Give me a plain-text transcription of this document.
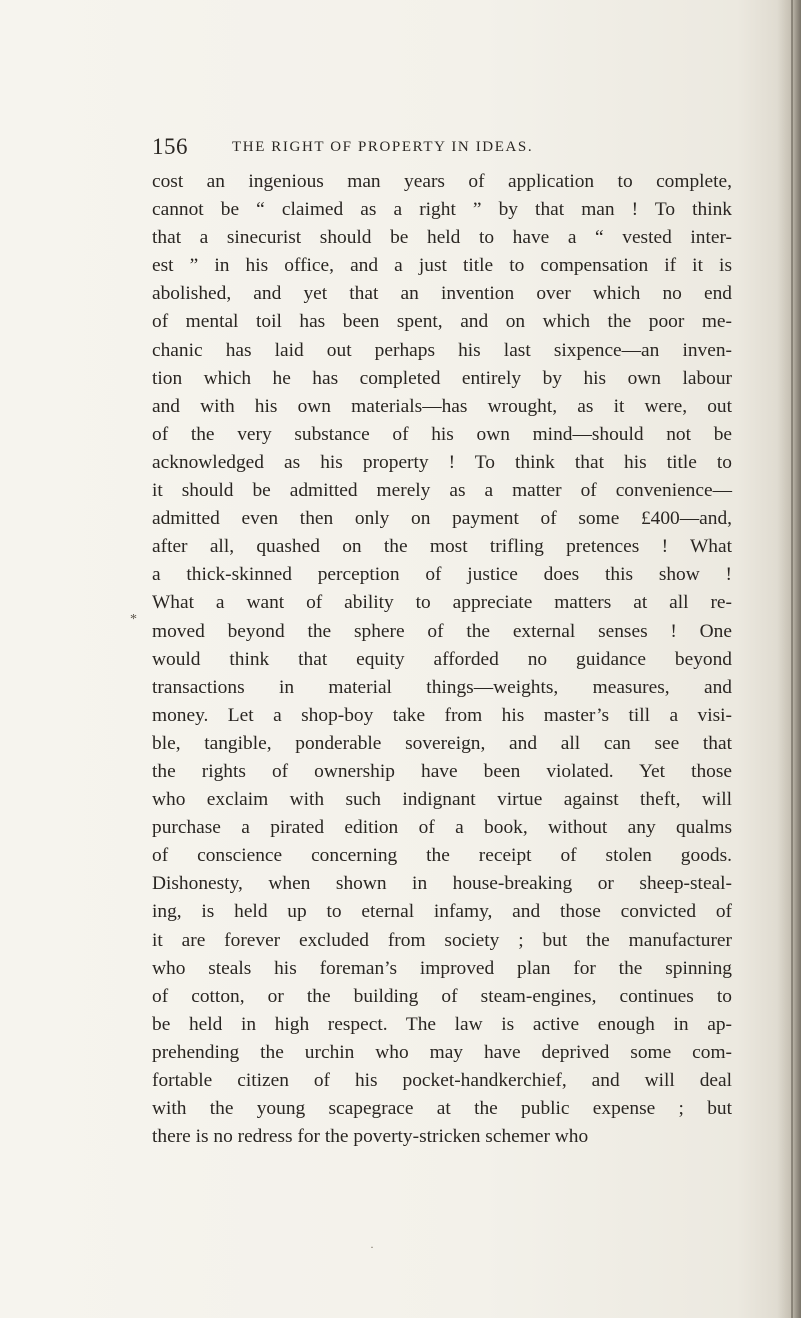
156	THE RIGHT OF PROPERTY IN IDEAS.
*
cost an ingenious man years of application to complete,
cannot be “ claimed as a right ” by that man ! To think
that a sinecurist should be held to have a “ vested inter-
est ” in his office, and a just title to compensation if it is
abolished, and yet that an invention over which no end
of mental toil has been spent, and on which the poor me-
chanic has laid out perhaps his last sixpence—an inven-
tion which he has completed entirely by his own labour
and with his own materials—has wrought, as it were, out
of the very substance of his own mind—should not be
acknowledged as his property ! To think that his title to
it should be admitted merely as a matter of convenience—
admitted even then only on payment of some £400—and,
after all, quashed on the most trifling pretences ! What
a thick-skinned perception of justice does this show !
What a want of ability to appreciate matters at all re-
moved beyond the sphere of the external senses ! One
would think that equity afforded no guidance beyond
transactions in material things—weights, measures, and
money. Let a shop-boy take from his master’s till a visi-
ble, tangible, ponderable sovereign, and all can see that
the rights of ownership have been violated. Yet those
who exclaim with such indignant virtue against theft, will
purchase a pirated edition of a book, without any qualms
of conscience concerning the receipt of stolen goods.
Dishonesty, when shown in house-breaking or sheep-steal-
ing, is held up to eternal infamy, and those convicted of
it are forever excluded from society ; but the manufacturer
who steals his foreman’s improved plan for the spinning
of cotton, or the building of steam-engines, continues to
be held in high respect. The law is active enough in ap-
prehending the urchin who may have deprived some com-
fortable citizen of his pocket-handkerchief, and will deal
with the young scapegrace at the public expense ; but
there is no redress for the poverty-stricken schemer who
·
